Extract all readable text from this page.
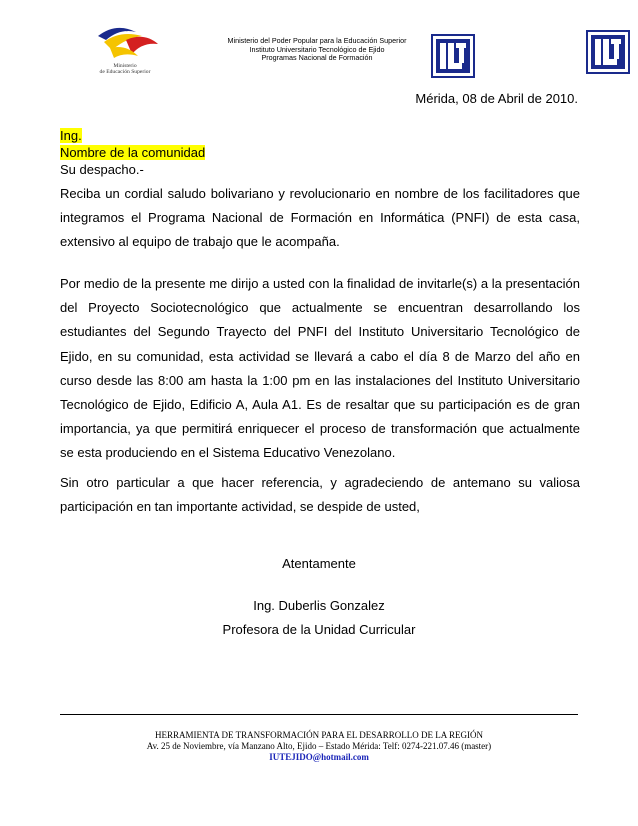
Ministerio
de Educación Superior
Ministerio del Poder Popular para la Educación Superior
Instituto Universitario Tecnológico de Ejido
Programas Nacional de Formación
Mérida, 08 de Abril de 2010.
Ing.
Nombre de la comunidad
Su despacho.-
Reciba un cordial saludo bolivariano y revolucionario en nombre de los facilitadores que integramos el Programa Nacional de Formación en Informática (PNFI) de esta casa, extensivo al equipo de trabajo que le acompaña.
Por medio de la presente me dirijo a usted con la finalidad de invitarle(s) a la presentación del Proyecto Sociotecnológico que actualmente se encuentran desarrollando los estudiantes del Segundo Trayecto del PNFI del Instituto Universitario Tecnológico de Ejido, en su comunidad, esta actividad se llevará a cabo el día 8 de Marzo del año en curso desde las 8:00 am hasta la 1:00 pm en las instalaciones del Instituto Universitario Tecnológico de Ejido, Edificio A, Aula A1. Es de resaltar que su participación es de gran importancia, ya que permitirá enriquecer el proceso de transformación que actualmente se esta produciendo en el Sistema Educativo Venezolano.
Sin otro particular a que hacer referencia, y agradeciendo de antemano su valiosa participación en tan importante actividad, se despide de usted,
Atentamente
Ing. Duberlis Gonzalez
Profesora de la Unidad Curricular
HERRAMIENTA DE TRANSFORMACIÓN PARA EL DESARROLLO DE LA REGIÓN
Av. 25 de Noviembre, vía Manzano Alto, Ejido – Estado Mérida: Telf: 0274-221.07.46 (master)
IUTEJIDO@hotmail.com
